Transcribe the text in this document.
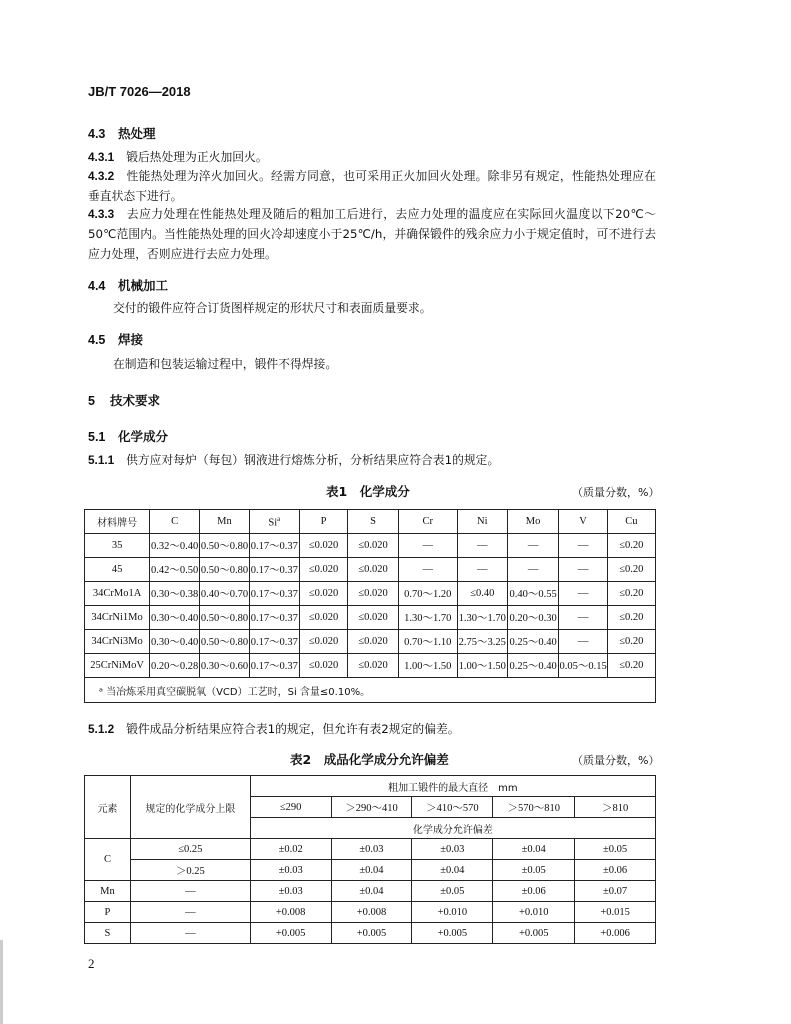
JB/T 7026—2018
4.3 热处理
4.3.1　 锻后热处理为正火加回火。
4.3.2　 性能热处理为淬火加回火。经需方同意，也可采用正火加回火处理。除非另有规定，性能热处理应在垂直状态下进行。
4.3.3　 去应力处理在性能热处理及随后的粗加工后进行，去应力处理的温度应在实际回火温度以下20℃～50℃范围内。当性能热处理的回火冷却速度小于25℃/h，并确保锻件的残余应力小于规定值时，可不进行去应力处理，否则应进行去应力处理。
4.4 机械加工
交付的锻件应符合订货图样规定的形状尺寸和表面质量要求。
4.5 焊接
在制造和包装运输过程中，锻件不得焊接。
5 技术要求
5.1 化学成分
5.1.1　 供方应对每炉（每包）钢液进行熔炼分析，分析结果应符合表1的规定。
表1　化学成分	（质量分数，%）
材料牌号	C	Mn	Si$^a$	P	S	Cr	Ni	Mo	V	Cu
35	0.32～0.40	0.50～0.80	0.17～0.37	≤0.020	≤0.020	—	—	—	—	≤0.20
45	0.42～0.50	0.50～0.80	0.17～0.37	≤0.020	≤0.020	—	—	—	—	≤0.20
34CrMo1A	0.30～0.38	0.40～0.70	0.17～0.37	≤0.020	≤0.020	0.70～1.20	≤0.40	0.40～0.55	—	≤0.20
34CrNi1Mo	0.30～0.40	0.50～0.80	0.17～0.37	≤0.020	≤0.020	1.30～1.70	1.30～1.70	0.20～0.30	—	≤0.20
34CrNi3Mo	0.30～0.40	0.50～0.80	0.17～0.37	≤0.020	≤0.020	0.70～1.10	2.75～3.25	0.25～0.40	—	≤0.20
25CrNiMoV	0.20～0.28	0.30～0.60	0.17～0.37	≤0.020	≤0.020	1.00～1.50	1.00～1.50	0.25～0.40	0.05～0.15	≤0.20
ᵃ 当冶炼采用真空碳脱氧（VCD）工艺时，Si 含量≤0.10%。										
5.1.2　 锻件成品分析结果应符合表1的规定，但允许有表2规定的偏差。
表2　成品化学成分允许偏差	（质量分数，%）
元素	规定的化学成分上限	粗加工锻件的最大直径　mm				
		≤290	＞290～410	＞410～570	＞570～810	＞810
		化学成分允许偏差				
C	≤0.25	±0.02	±0.03	±0.03	±0.04	±0.05
	＞0.25	±0.03	±0.04	±0.04	±0.05	±0.06
Mn	—	±0.03	±0.04	±0.05	±0.06	±0.07
P	—	+0.008	+0.008	+0.010	+0.010	+0.015
S	—	+0.005	+0.005	+0.005	+0.005	+0.006
2
